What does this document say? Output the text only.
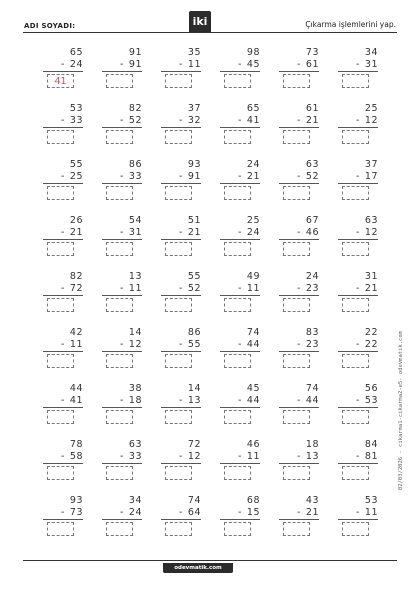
ADI SOYADI:	iki	Çıkarma işlemlerini yap.
65
- 24
41
91
- 91
35
- 11
98
- 45
73
- 61
34
- 31
53
- 33
82
- 52
37
- 32
65
- 41
61
- 21
25
- 12
55
- 25
86
- 33
93
- 91
24
- 21
63
- 52
37
- 17
26
- 21
54
- 31
51
- 21
25
- 24
67
- 46
63
- 12
82
- 72
13
- 11
55
- 52
49
- 11
24
- 23
31
- 21
42
- 11
14
- 12
86
- 55
74
- 44
83
- 23
22
- 22
44
- 41
38
- 18
14
- 13
45
- 44
74
- 44
56
- 53
78
- 58
63
- 33
72
- 12
46
- 11
18
- 13
84
- 81
93
- 73
34
- 24
74
- 64
68
- 15
43
- 21
53
- 11
odevmatik.com
02/03/2026 - cikarma1-cikarma2-e5- odevmatik.com
